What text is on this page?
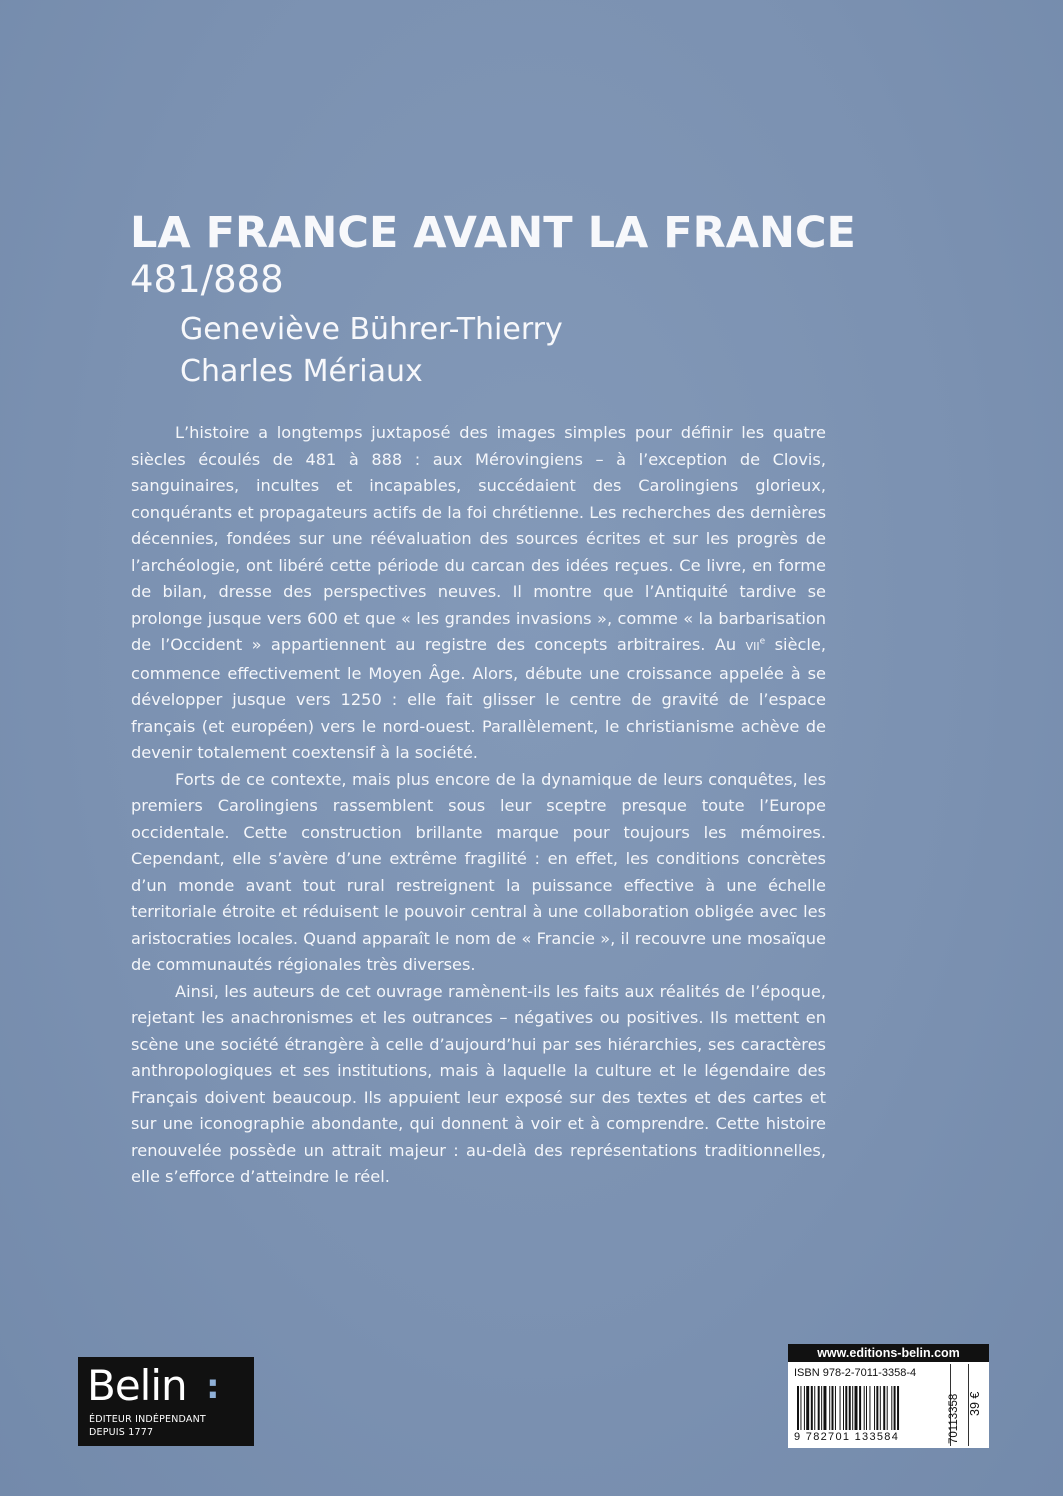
LA FRANCE AVANT LA FRANCE
481/888
Geneviève Bührer-Thierry
Charles Mériaux

L’histoire a longtemps juxtaposé des images simples pour définir les quatre siècles écoulés de 481 à 888 : aux Mérovingiens – à l’exception de Clovis, sanguinaires, incultes et incapables, succédaient des Carolingiens glorieux, conquérants et propagateurs actifs de la foi chrétienne. Les recherches des dernières décennies, fondées sur une réévaluation des sources écrites et sur les progrès de l’archéologie, ont libéré cette période du carcan des idées reçues. Ce livre, en forme de bilan, dresse des perspectives neuves. Il montre que l’Antiquité tardive se prolonge jusque vers 600 et que « les grandes invasions », comme « la barbarisation de l’Occident » appartiennent au registre des concepts arbitraires. Au VIIe siècle, commence effectivement le Moyen Âge. Alors, débute une croissance appelée à se développer jusque vers 1250 : elle fait glisser le centre de gravité de l’espace français (et européen) vers le nord-ouest. Parallèlement, le christianisme achève de devenir totalement coextensif à la société.

Forts de ce contexte, mais plus encore de la dynamique de leurs conquêtes, les premiers Carolingiens rassemblent sous leur sceptre presque toute l’Europe occidentale. Cette construction brillante marque pour toujours les mémoires. Cependant, elle s’avère d’une extrême fragilité : en effet, les conditions concrètes d’un monde avant tout rural restreignent la puissance effective à une échelle territoriale étroite et réduisent le pouvoir central à une collaboration obligée avec les aristocraties locales. Quand apparaît le nom de « Francie », il recouvre une mosaïque de communautés régionales très diverses.

Ainsi, les auteurs de cet ouvrage ramènent-ils les faits aux réalités de l’époque, rejetant les anachronismes et les outrances – négatives ou positives. Ils mettent en scène une société étrangère à celle d’aujourd’hui par ses hiérarchies, ses caractères anthropologiques et ses institutions, mais à laquelle la culture et le légendaire des Français doivent beaucoup. Ils appuient leur exposé sur des textes et des cartes et sur une iconographie abondante, qui donnent à voir et à comprendre. Cette histoire renouvelée possède un attrait majeur : au-delà des représentations traditionnelles, elle s’efforce d’atteindre le réel.

Belin :
ÉDITEUR INDÉPENDANT
DEPUIS 1777
www.editions-belin.com
ISBN 978-2-7011-3358-4
9 782701 133584	70113358 39 €
